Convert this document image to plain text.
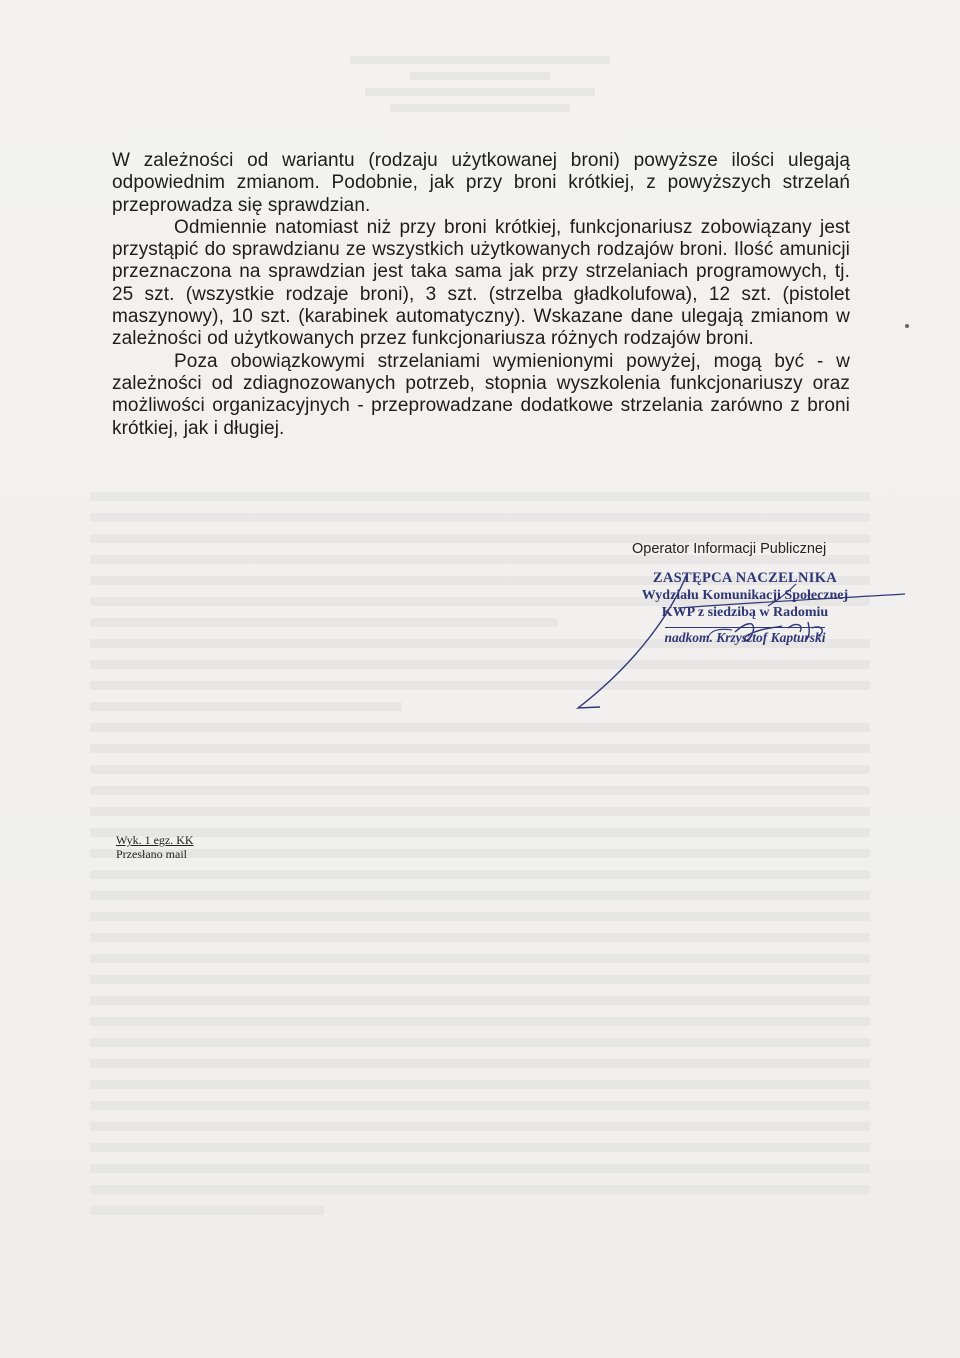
W zależności od wariantu (rodzaju użytkowanej broni) powyższe ilości ulegają odpowiednim zmianom. Podobnie, jak przy broni krótkiej, z powyższych strzelań przeprowadza się sprawdzian.

Odmiennie natomiast niż przy broni krótkiej, funkcjonariusz zobowiązany jest przystąpić do sprawdzianu ze wszystkich użytkowanych rodzajów broni. Ilość amunicji przeznaczona na sprawdzian jest taka sama jak przy strzelaniach programowych, tj. 25 szt. (wszystkie rodzaje broni), 3 szt. (strzelba gładkolufowa), 12 szt. (pistolet maszynowy), 10 szt. (karabinek automatyczny). Wskazane dane ulegają zmianom w zależności od użytkowanych przez funkcjonariusza różnych rodzajów broni.

Poza obowiązkowymi strzelaniami wymienionymi powyżej, mogą być - w zależności od zdiagnozowanych potrzeb, stopnia wyszkolenia funkcjonariuszy oraz możliwości organizacyjnych - przeprowadzane dodatkowe strzelania zarówno z broni krótkiej, jak i długiej.

Operator Informacji Publicznej
ZASTĘPCA NACZELNIKA
Wydziału Komunikacji Społecznej
KWP z siedzibą w Radomiu
nadkom. Krzysztof Kapturski
Wyk. 1 egz. KK
Przesłano mail
